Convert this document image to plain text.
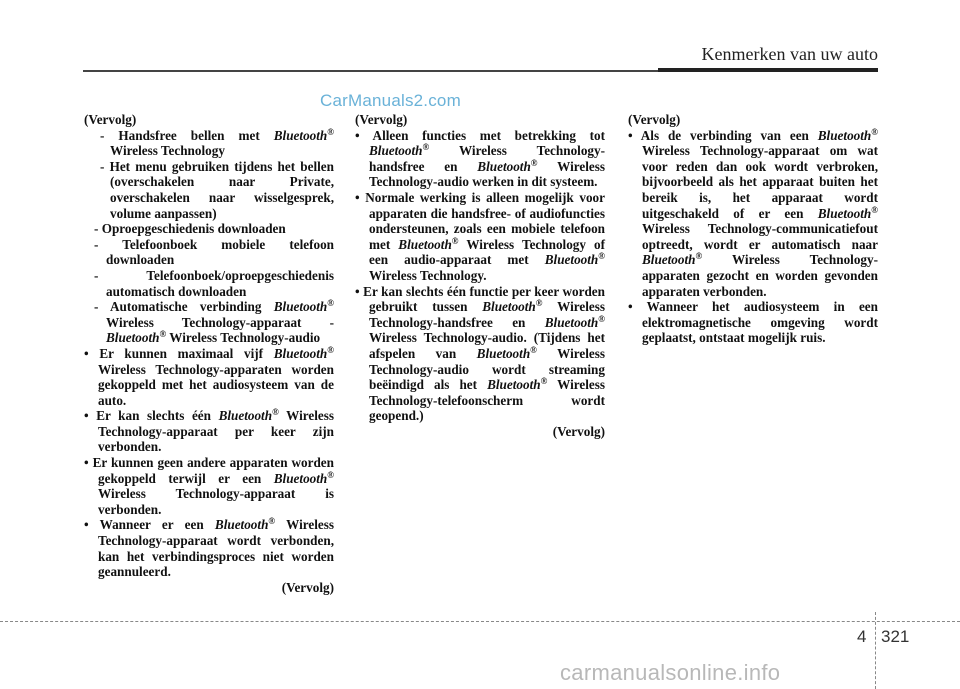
Kenmerken van uw auto
CarManuals2.com

(Vervolg)

- Handsfree bellen met Bluetooth® Wireless Technology

- Het menu gebruiken tijdens het bellen (overschakelen naar Private, overschakelen naar wisselgesprek, volume aanpassen)

- Oproepgeschiedenis downloaden

- Telefoonboek mobiele telefoon downloaden

- Telefoonboek/oproepgeschiedenis automatisch downloaden

- Automatische verbinding Bluetooth® Wireless Technology-apparaat - Bluetooth® Wireless Technology-audio

• Er kunnen maximaal vijf Bluetooth® Wireless Technology-apparaten worden gekoppeld met het audiosysteem van de auto.

• Er kan slechts één Bluetooth® Wireless Technology-apparaat per keer zijn verbonden.

• Er kunnen geen andere apparaten worden gekoppeld terwijl er een Bluetooth® Wireless Technology-apparaat is verbonden.

• Wanneer er een Bluetooth® Wireless Technology-apparaat wordt verbonden, kan het verbindingsproces niet worden geannuleerd.

(Vervolg)

(Vervolg)

• Alleen functies met betrekking tot Bluetooth® Wireless Technology-handsfree en Bluetooth® Wireless Technology-audio werken in dit systeem.

• Normale werking is alleen mogelijk voor apparaten die handsfree- of audiofuncties ondersteunen, zoals een mobiele telefoon met Bluetooth® Wireless Technology of een audio-apparaat met Bluetooth® Wireless Technology.

• Er kan slechts één functie per keer worden gebruikt tussen Bluetooth® Wireless Technology-handsfree en Bluetooth® Wireless Technology-audio. (Tijdens het afspelen van Bluetooth® Wireless Technology-audio wordt streaming beëindigd als het Bluetooth® Wireless Technology-telefoonscherm wordt geopend.)

(Vervolg)

(Vervolg)

• Als de verbinding van een Bluetooth® Wireless Technology-apparaat om wat voor reden dan ook wordt verbroken, bijvoorbeeld als het apparaat buiten het bereik is, het apparaat wordt uitgeschakeld of er een Bluetooth® Wireless Technology-communicatiefout optreedt, wordt er automatisch naar Bluetooth® Wireless Technology-apparaten gezocht en worden gevonden apparaten verbonden.

• Wanneer het audiosysteem in een elektromagnetische omgeving wordt geplaatst, ontstaat mogelijk ruis.

4 321
carmanualsonline.info
